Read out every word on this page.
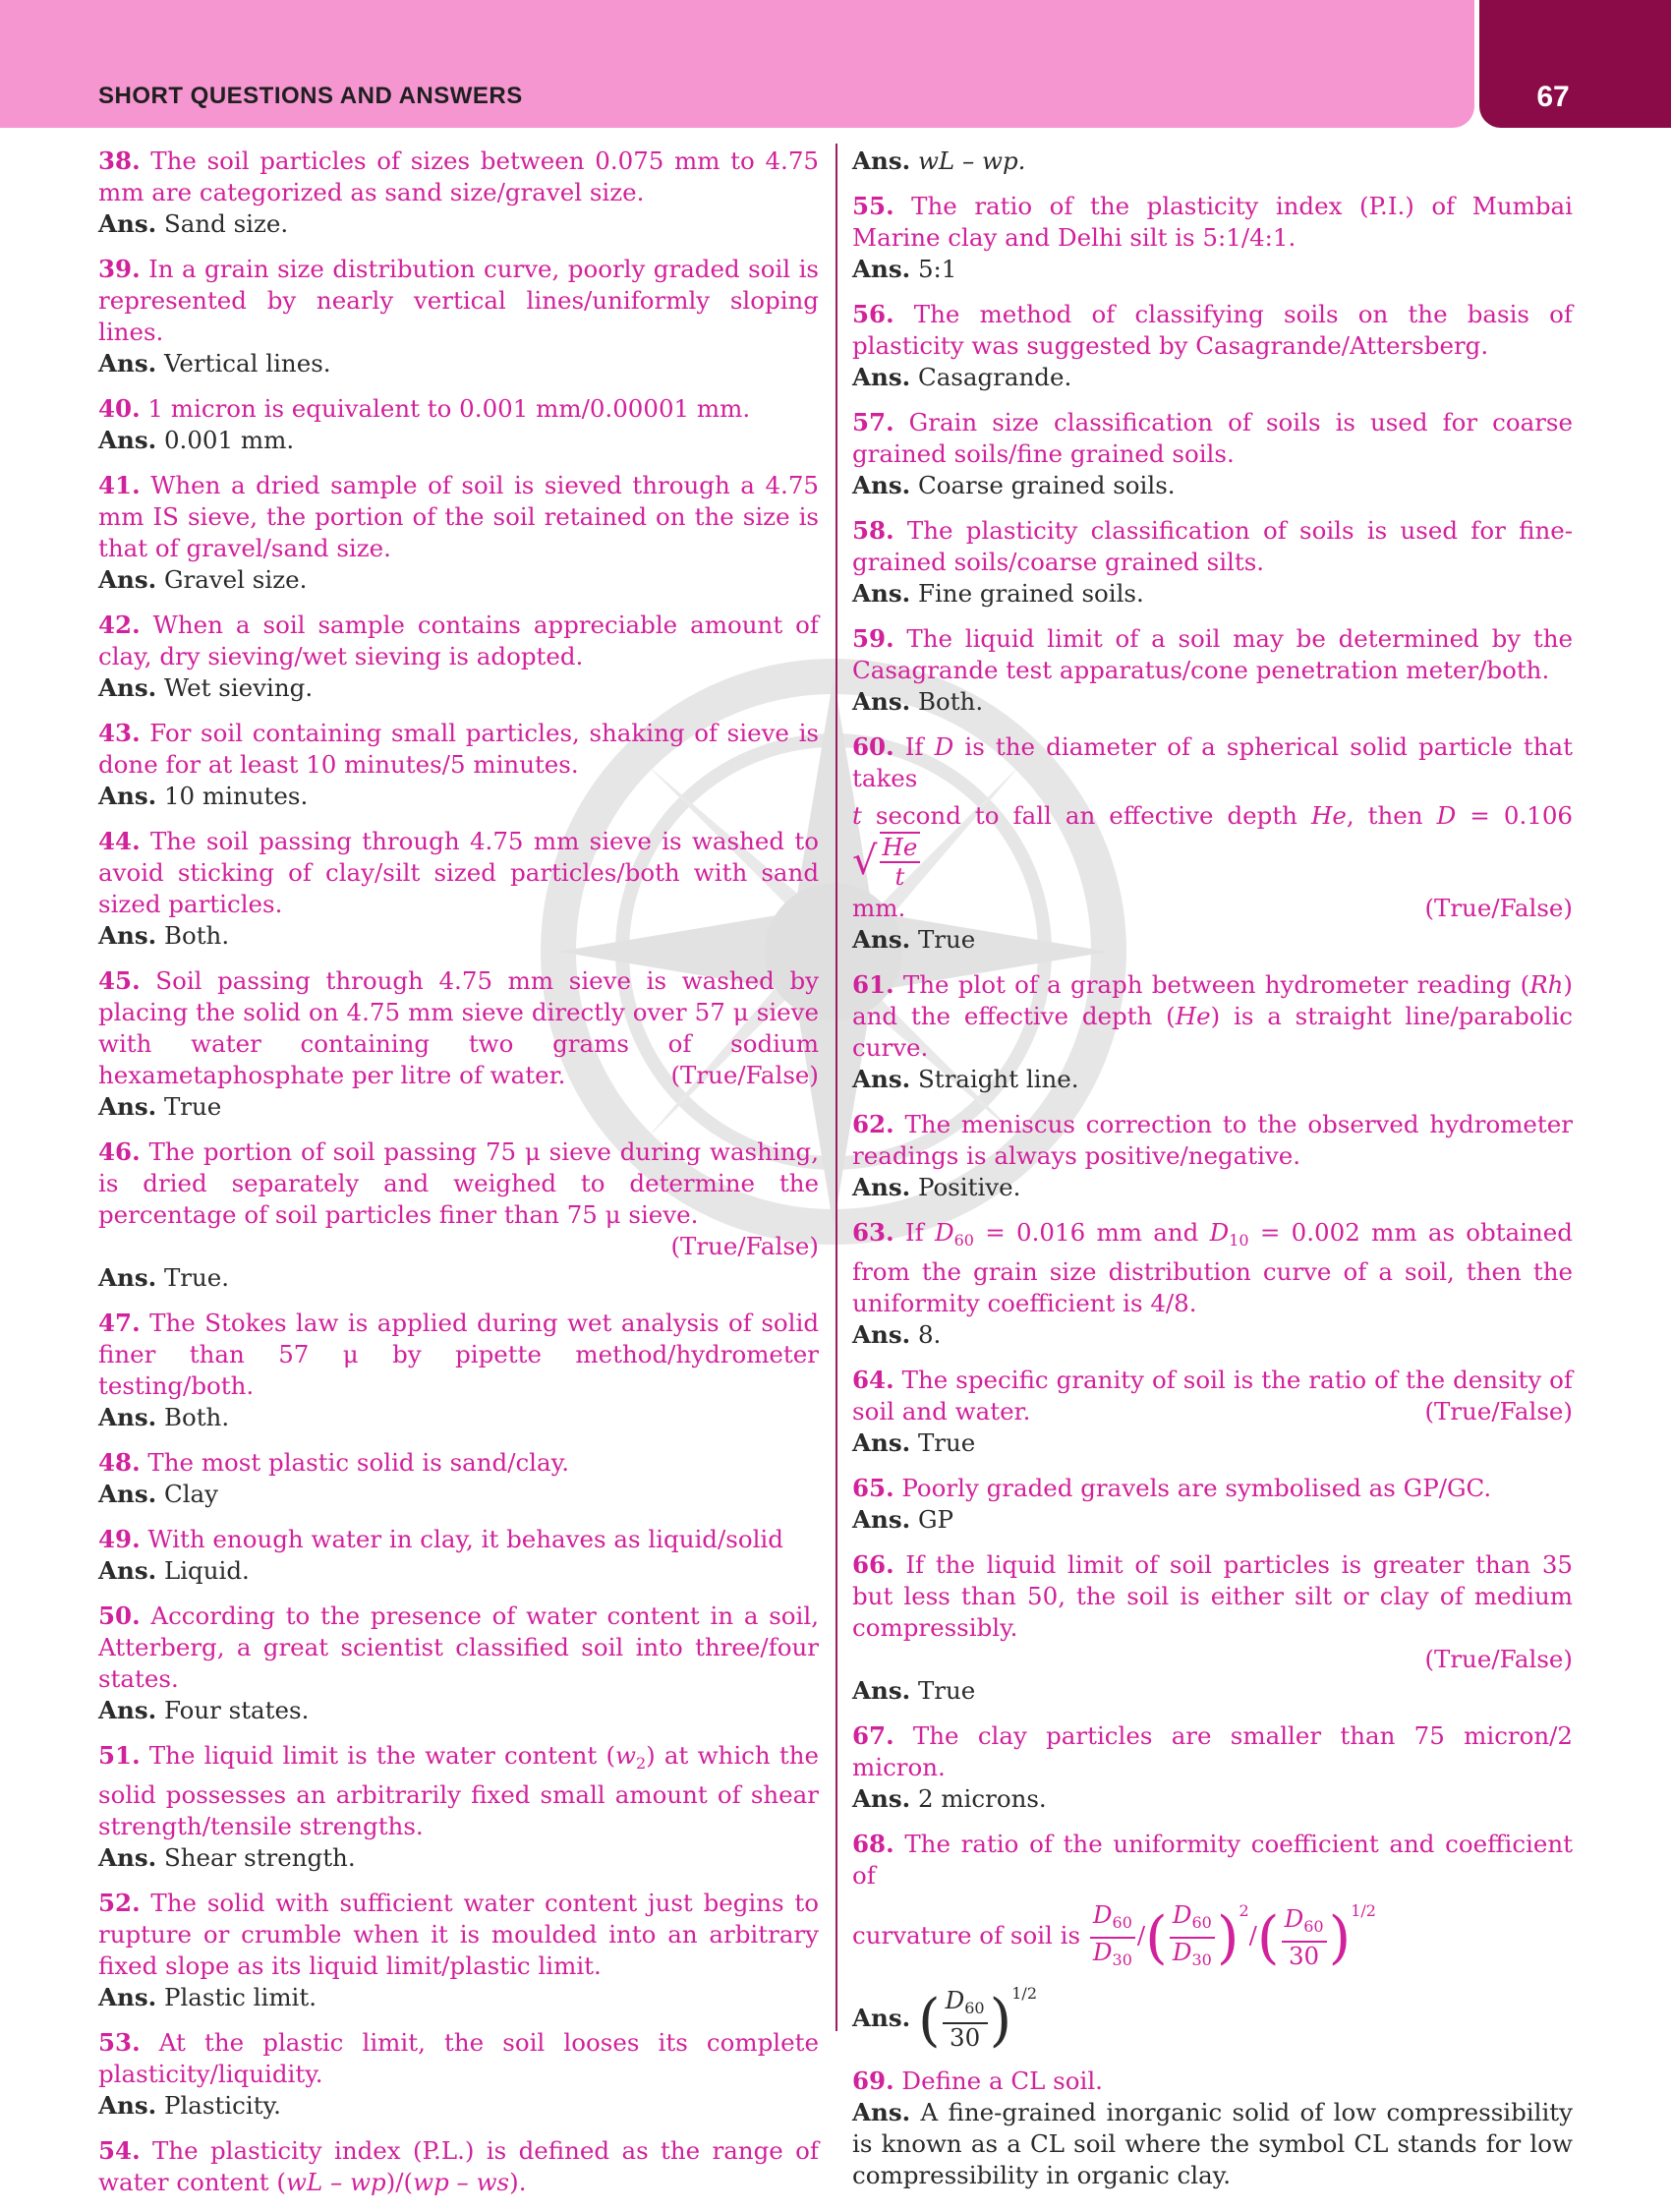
SHORT QUESTIONS AND ANSWERS	67
38. The soil particles of sizes between 0.075 mm to 4.75 mm are categorized as sand size/gravel size.
Ans. Sand size.
39. In a grain size distribution curve, poorly graded soil is represented by nearly vertical lines/uniformly sloping lines.
Ans. Vertical lines.
40. 1 micron is equivalent to 0.001 mm/0.00001 mm.
Ans. 0.001 mm.
41. When a dried sample of soil is sieved through a 4.75 mm IS sieve, the portion of the soil retained on the size is that of gravel/sand size.
Ans. Gravel size.
42. When a soil sample contains appreciable amount of clay, dry sieving/wet sieving is adopted.
Ans. Wet sieving.
43. For soil containing small particles, shaking of sieve is done for at least 10 minutes/5 minutes.
Ans. 10 minutes.
44. The soil passing through 4.75 mm sieve is washed to avoid sticking of clay/silt sized particles/both with sand sized particles.
Ans. Both.
45. Soil passing through 4.75 mm sieve is washed by placing the solid on 4.75 mm sieve directly over 57 μ sieve with water containing two grams of sodium hexametaphosphate per litre of water.	(True/False)
Ans. True
46. The portion of soil passing 75 μ sieve during washing, is dried separately and weighed to determine the percentage of soil particles finer than 75 μ sieve.
(True/False)
Ans. True.
47. The Stokes law is applied during wet analysis of solid finer than 57 μ by pipette method/hydrometer testing/both.
Ans. Both.
48. The most plastic solid is sand/clay.
Ans. Clay
49. With enough water in clay, it behaves as liquid/solid
Ans. Liquid.
50. According to the presence of water content in a soil, Atterberg, a great scientist classified soil into three/four states.
Ans. Four states.
51. The liquid limit is the water content $(w_2)$ at which the solid possesses an arbitrarily fixed small amount of shear strength/tensile strengths.
Ans. Shear strength.
52. The solid with sufficient water content just begins to rupture or crumble when it is moulded into an arbitrary fixed slope as its liquid limit/plastic limit.
Ans. Plastic limit.
53. At the plastic limit, the soil looses its complete plasticity/liquidity.
Ans. Plasticity.
54. The plasticity index (P.L.) is defined as the range of water content (wL – wp)/(wp – ws).
Ans. wL – wp.
55. The ratio of the plasticity index (P.I.) of Mumbai Marine clay and Delhi silt is 5:1/4:1.
Ans. 5:1
56. The method of classifying soils on the basis of plasticity was suggested by Casagrande/Attersberg.
Ans. Casagrande.
57. Grain size classification of soils is used for coarse grained soils/fine grained soils.
Ans. Coarse grained soils.
58. The plasticity classification of soils is used for fine-grained soils/coarse grained silts.
Ans. Fine grained soils.
59. The liquid limit of a soil may be determined by the Casagrande test apparatus/cone penetration meter/both.
Ans. Both.
60. If D is the diameter of a spherical solid particle that takes
t second to fall an effective depth He, then D = 0.106 √ $\frac{He}{t}$
mm.	(True/False)
Ans. True
61. The plot of a graph between hydrometer reading (Rh) and the effective depth (He) is a straight line/parabolic curve.
Ans. Straight line.
62. The meniscus correction to the observed hydrometer readings is always positive/negative.
Ans. Positive.
63. If $D_{60} = 0.016$ mm and $D_{10} = 0.002$ mm as obtained from the grain size distribution curve of a soil, then the uniformity coefficient is 4/8.
Ans. 8.
64. The specific granity of soil is the ratio of the density of soil and water.	(True/False)
Ans. True
65. Poorly graded gravels are symbolised as GP/GC.
Ans. GP
66. If the liquid limit of soil particles is greater than 35 but less than 50, the soil is either silt or clay of medium compressibly.
(True/False)
Ans. True
67. The clay particles are smaller than 75 micron/2 micron.
Ans. 2 microns.
68. The ratio of the uniformity coefficient and coefficient of
curvature of soil is $\frac{D_{60}}{D_{30}}$ /( $\frac{D_{60}}{D_{30}} )^2/( \frac{D_{60}}{30} )^{1/2}$
Ans. ( $\frac{D_{60}}{30} )^{1/2}$
69. Define a CL soil.
Ans. A fine-grained inorganic solid of low compressibility is known as a CL soil where the symbol CL stands for low compressibility in organic clay.
